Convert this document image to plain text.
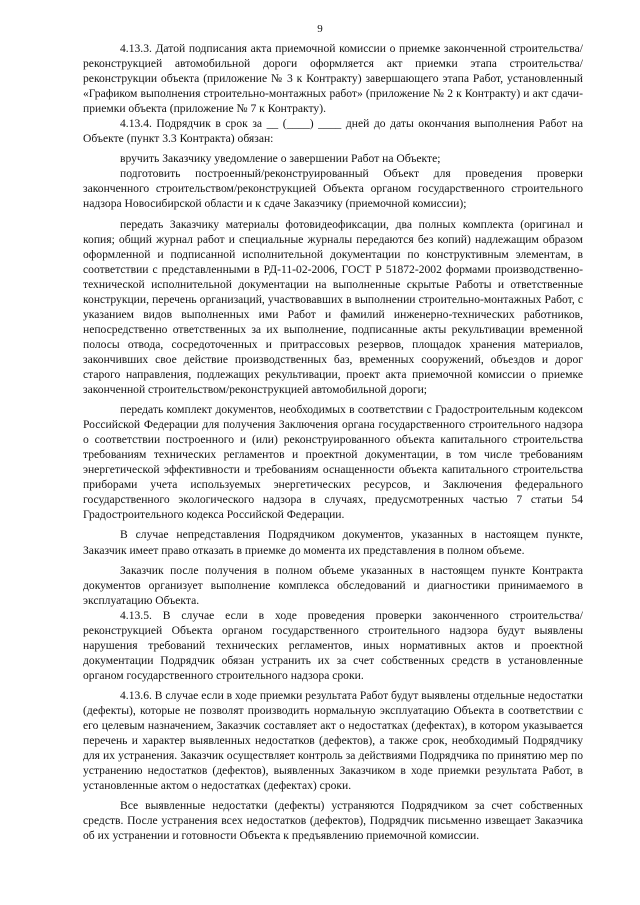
9

4.13.3. Датой подписания акта приемочной комиссии о приемке законченной строительства/реконструкцией автомобильной дороги оформляется акт приемки этапа строительства/реконструкции объекта (приложение № 3 к Контракту) завершающего этапа Работ, установленный «Графиком выполнения строительно-монтажных работ» (приложение № 2 к Контракту) и акт сдачи-приемки объекта (приложение № 7 к Контракту).

4.13.4. Подрядчик в срок за __ (____) ____ дней до даты окончания выполнения Работ на Объекте (пункт 3.3 Контракта) обязан:

вручить Заказчику уведомление о завершении Работ на Объекте;

подготовить построенный/реконструированный Объект для проведения проверки законченного строительством/реконструкцией Объекта органом государственного строительного надзора Новосибирской области и к сдаче Заказчику (приемочной комиссии);

передать Заказчику материалы фотовидеофиксации, два полных комплекта (оригинал и копия; общий журнал работ и специальные журналы передаются без копий) надлежащим образом оформленной и подписанной исполнительной документации по конструктивным элементам, в соответствии с представленными в РД-11-02-2006, ГОСТ Р 51872-2002 формами производственно-технической исполнительной документации на выполненные скрытые Работы и ответственные конструкции, перечень организаций, участвовавших в выполнении строительно-монтажных Работ, с указанием видов выполненных ими Работ и фамилий инженерно-технических работников, непосредственно ответственных за их выполнение, подписанные акты рекультивации временной полосы отвода, сосредоточенных и притрассовых резервов, площадок хранения материалов, закончивших свое действие производственных баз, временных сооружений, объездов и дорог старого направления, подлежащих рекультивации, проект акта приемочной комиссии о приемке законченной строительством/реконструкцией автомобильной дороги;

передать комплект документов, необходимых в соответствии с Градостроительным кодексом Российской Федерации для получения Заключения органа государственного строительного надзора о соответствии построенного и (или) реконструированного объекта капитального строительства требованиям технических регламентов и проектной документации, в том числе требованиям энергетической эффективности и требованиям оснащенности объекта капитального строительства приборами учета используемых энергетических ресурсов, и Заключения федерального государственного экологического надзора в случаях, предусмотренных частью 7 статьи 54 Градостроительного кодекса Российской Федерации.

В случае непредставления Подрядчиком документов, указанных в настоящем пункте, Заказчик имеет право отказать в приемке до момента их представления в полном объеме.

Заказчик после получения в полном объеме указанных в настоящем пункте Контракта документов организует выполнение комплекса обследований и диагностики принимаемого в эксплуатацию Объекта.

4.13.5. В случае если в ходе проведения проверки законченного строительства/реконструкцией Объекта органом государственного строительного надзора будут выявлены нарушения требований технических регламентов, иных нормативных актов и проектной документации Подрядчик обязан устранить их за счет собственных средств в установленные органом государственного строительного надзора сроки.

4.13.6. В случае если в ходе приемки результата Работ будут выявлены отдельные недостатки (дефекты), которые не позволят производить нормальную эксплуатацию Объекта в соответствии с его целевым назначением, Заказчик составляет акт о недостатках (дефектах), в котором указывается перечень и характер выявленных недостатков (дефектов), а также срок, необходимый Подрядчику для их устранения. Заказчик осуществляет контроль за действиями Подрядчика по принятию мер по устранению недостатков (дефектов), выявленных Заказчиком в ходе приемки результата Работ, в установленные актом о недостатках (дефектах) сроки.

Все выявленные недостатки (дефекты) устраняются Подрядчиком за счет собственных средств. После устранения всех недостатков (дефектов), Подрядчик письменно извещает Заказчика об их устранении и готовности Объекта к предъявлению приемочной комиссии.
